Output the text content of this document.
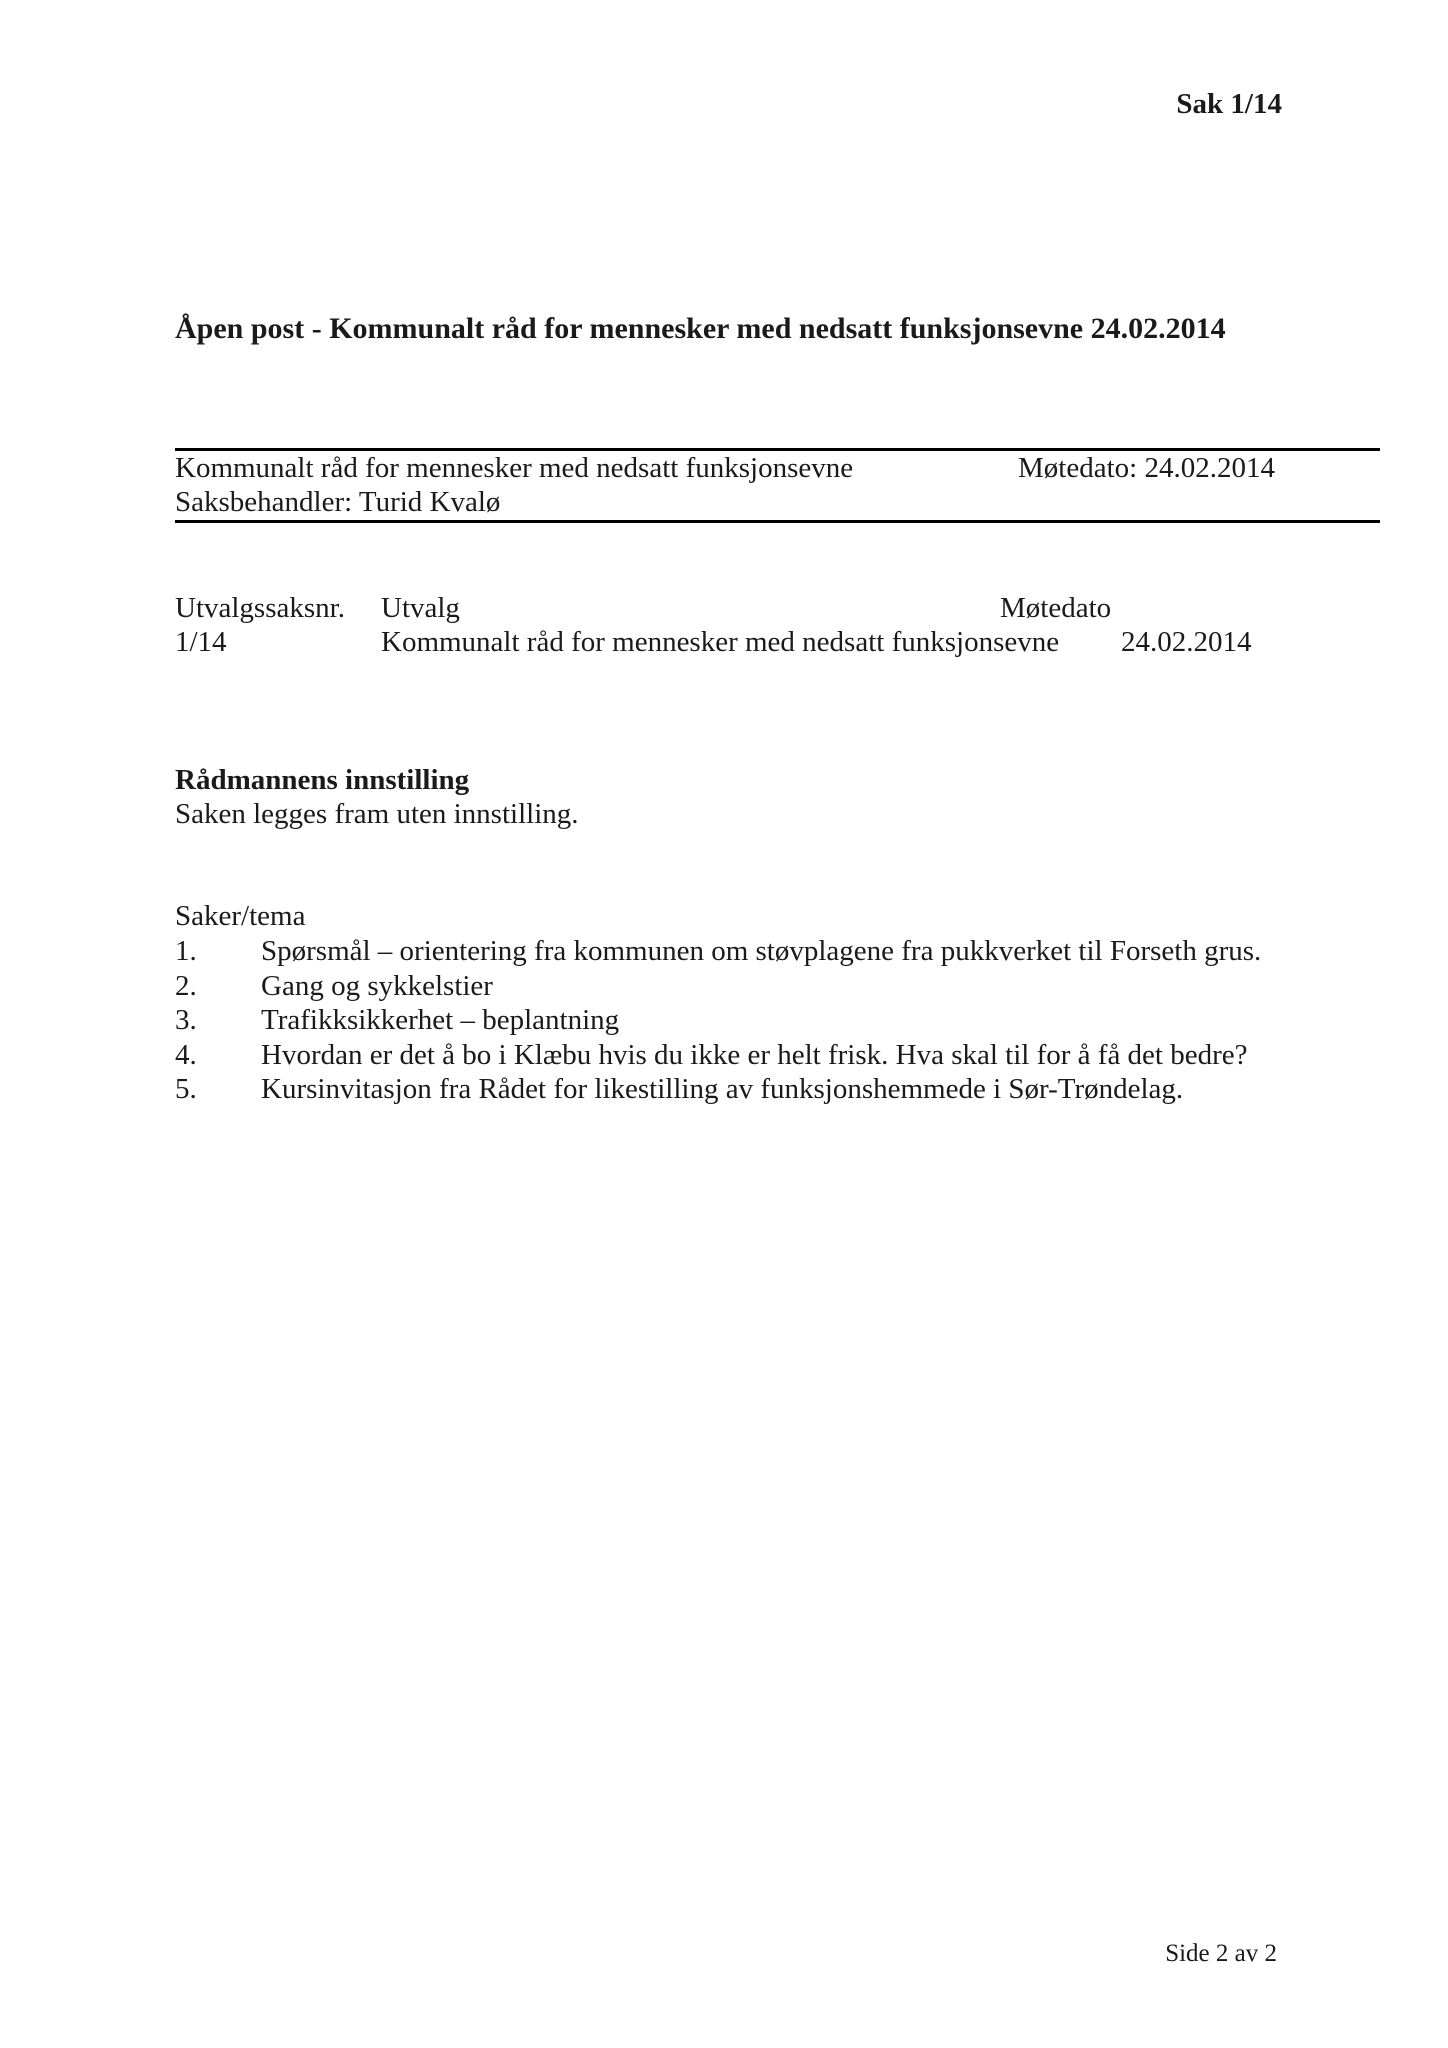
Sak 1/14
Åpen post - Kommunalt råd for mennesker med nedsatt funksjonsevne 24.02.2014
Kommunalt råd for mennesker med nedsatt funksjonsevne	Møtedato: 24.02.2014
Saksbehandler: Turid Kvalø
Utvalgssaksnr. Utvalg	Møtedato
1/14	Kommunalt råd for mennesker med nedsatt funksjonsevne 24.02.2014
Rådmannens innstilling
Saken legges fram uten innstilling.
Saker/tema
1. Spørsmål – orientering fra kommunen om støvplagene fra pukkverket til Forseth grus.
2. Gang og sykkelstier
3. Trafikksikkerhet – beplantning
4. Hvordan er det å bo i Klæbu hvis du ikke er helt frisk. Hva skal til for å få det bedre?
5. Kursinvitasjon fra Rådet for likestilling av funksjonshemmede i Sør-Trøndelag.
Side 2 av 2
